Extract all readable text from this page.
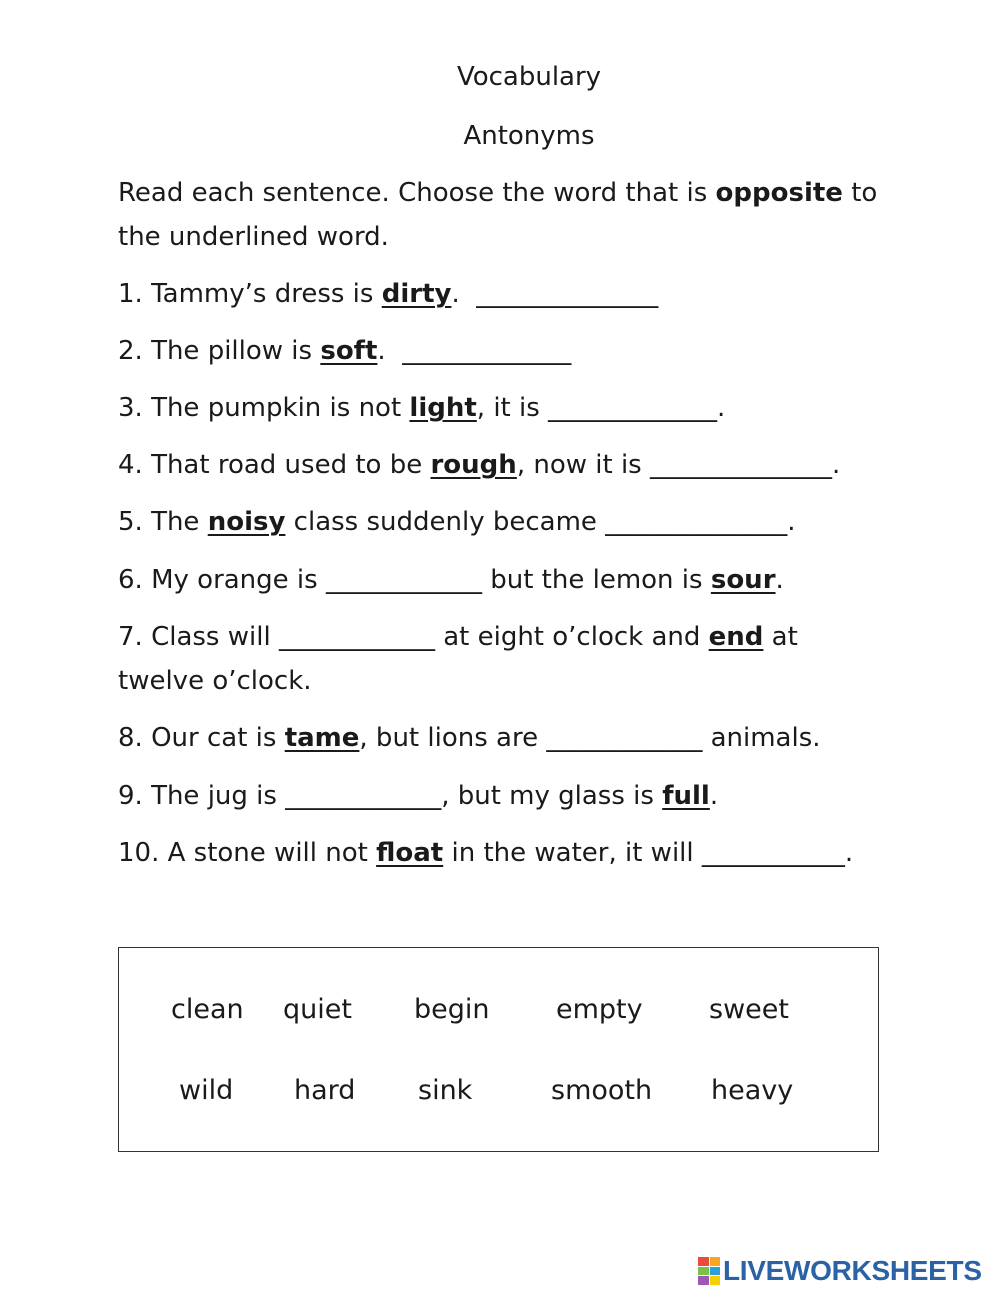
Vocabulary
Antonyms
Read each sentence. Choose the word that is opposite to
the underlined word.
1. Tammy’s dress is dirty.  ______________
2. The pillow is soft.  _____________
3. The pumpkin is not light, it is _____________.
4. That road used to be rough, now it is ______________.
5. The noisy class suddenly became ______________.
6. My orange is ____________ but the lemon is sour.
7. Class will ____________ at eight o’clock and end at
twelve o’clock.
8. Our cat is tame, but lions are ____________ animals.
9. The jug is ____________, but my glass is full.
10. A stone will not float in the water, it will ___________.
clean quiet begin empty sweet
wild hard sink	smooth heavy
LIVEWORKSHEETS
